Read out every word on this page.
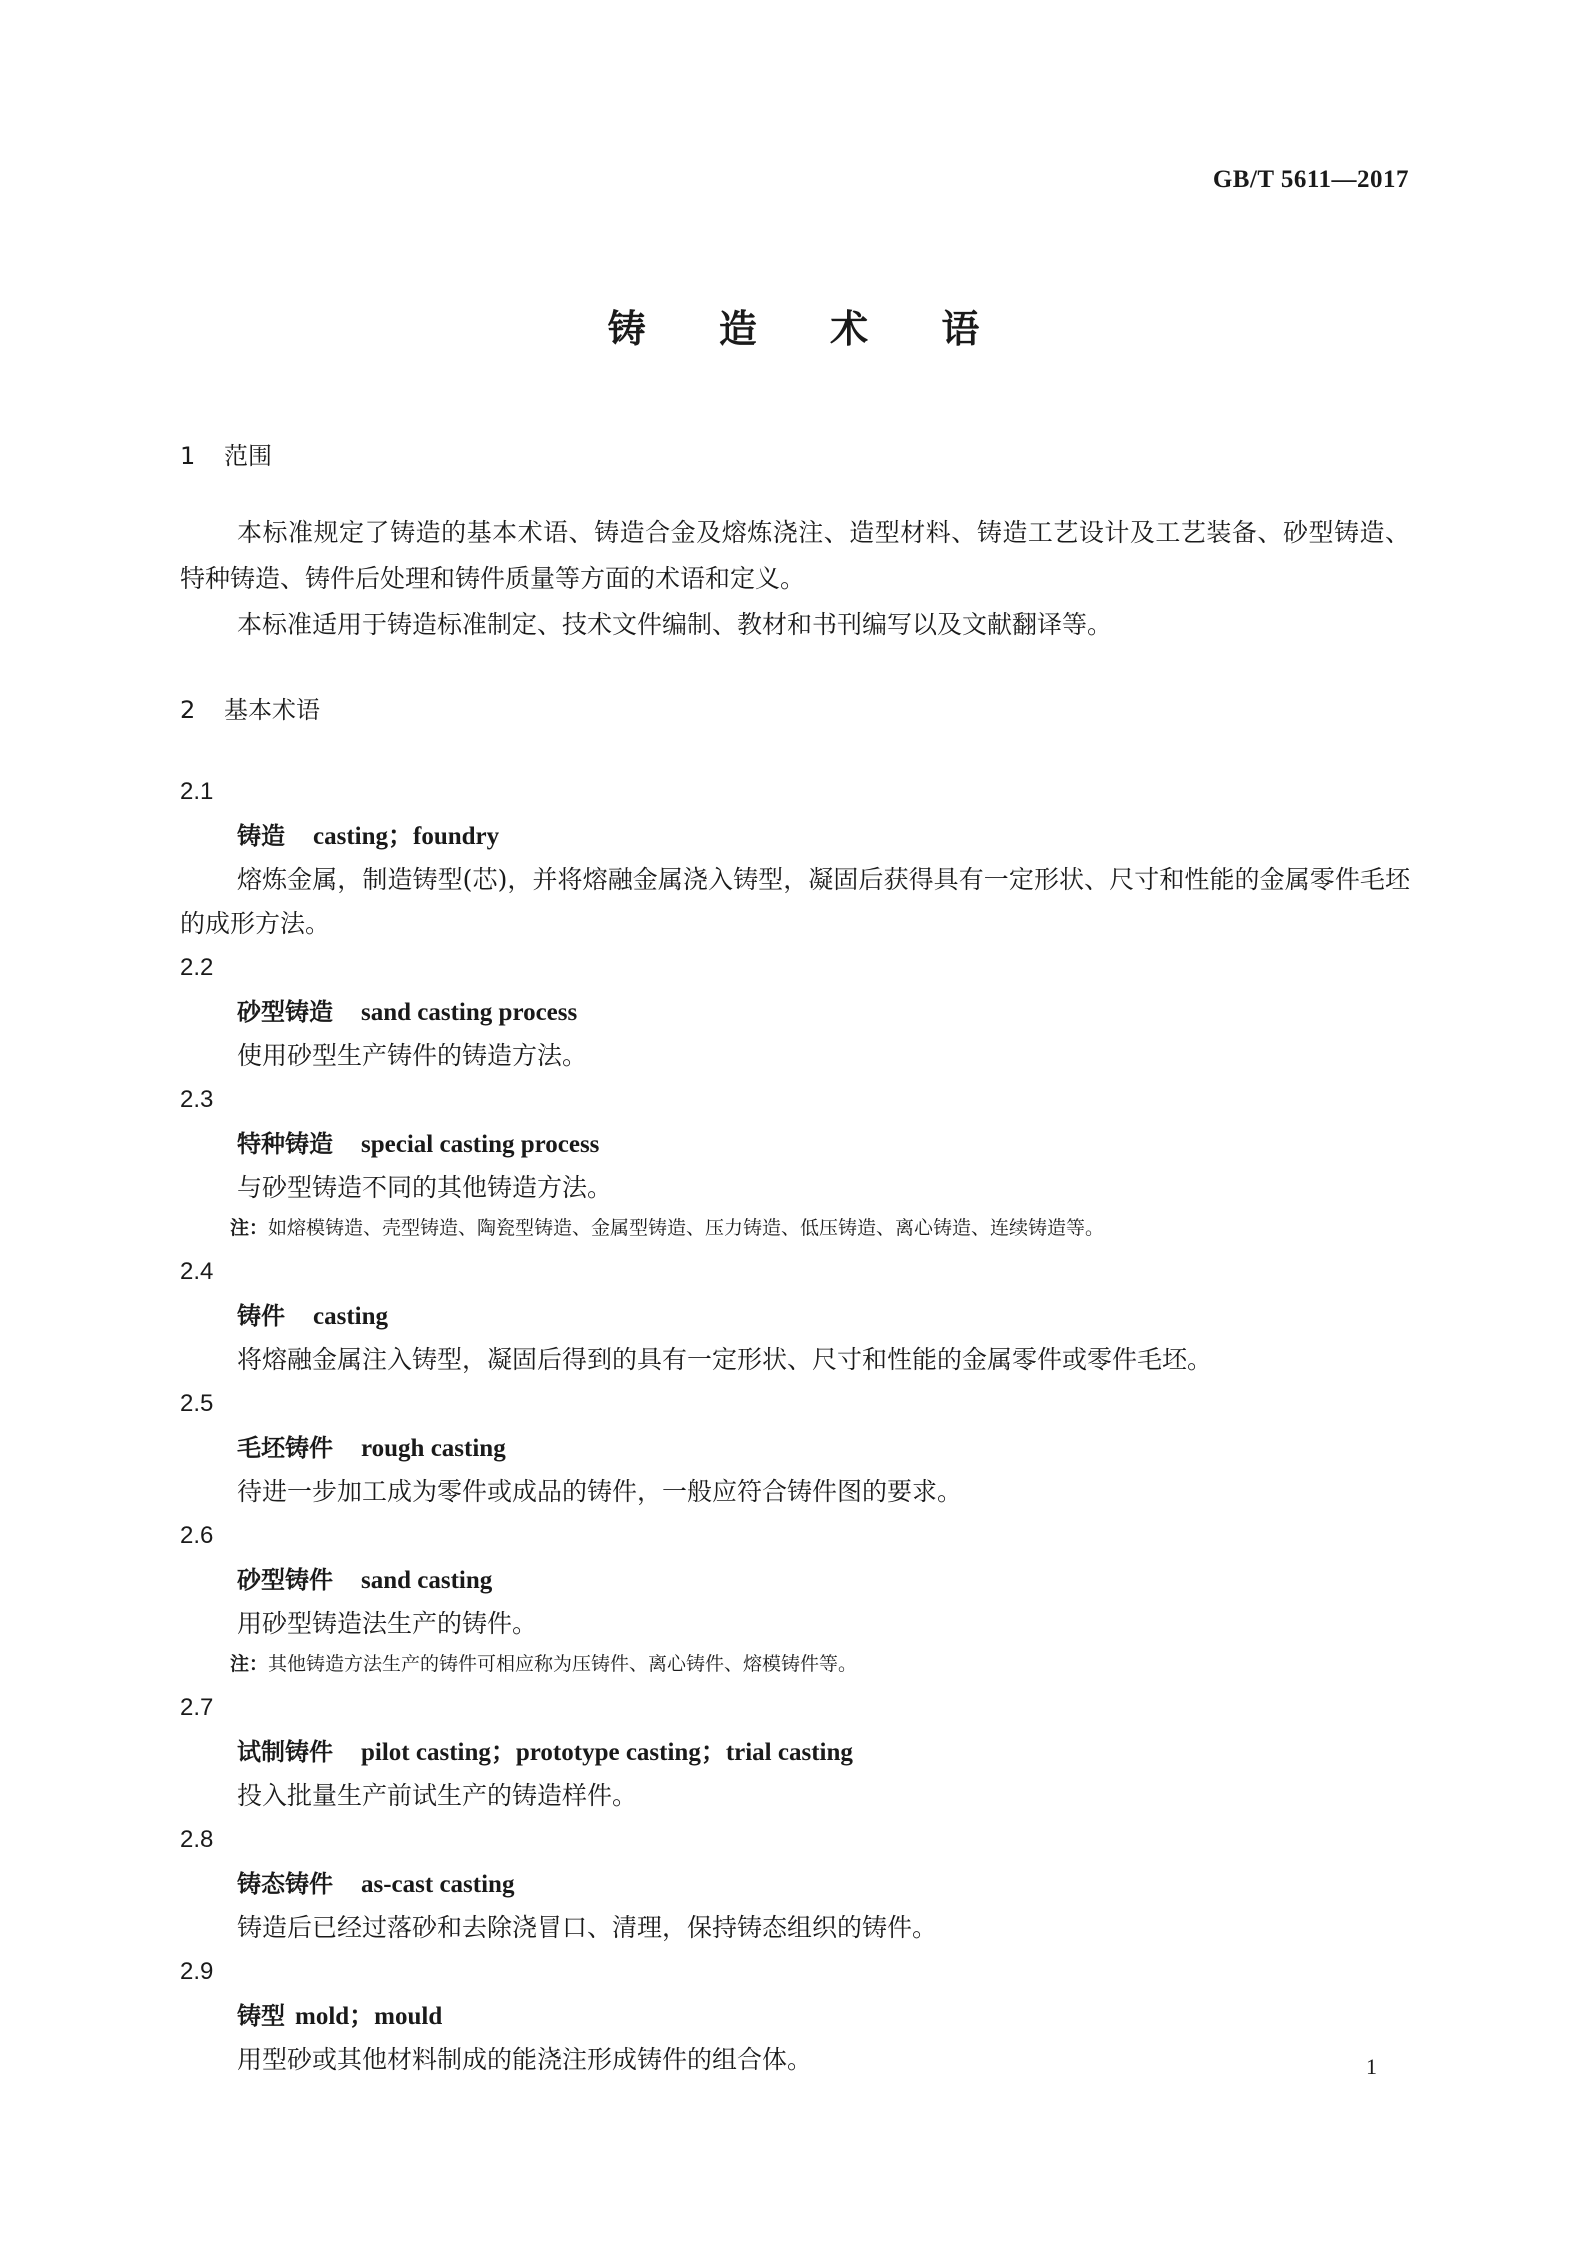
GB/T 5611—2017
铸 造 术 语
1 范围
本标准规定了铸造的基本术语、铸造合金及熔炼浇注、造型材料、铸造工艺设计及工艺装备、砂型铸造、特种铸造、铸件后处理和铸件质量等方面的术语和定义。
本标准适用于铸造标准制定、技术文件编制、教材和书刊编写以及文献翻译等。
2 基本术语
2.1
铸造 casting；foundry
熔炼金属，制造铸型(芯)，并将熔融金属浇入铸型，凝固后获得具有一定形状、尺寸和性能的金属零件毛坯的成形方法。
2.2
砂型铸造 sand casting process
使用砂型生产铸件的铸造方法。
2.3
特种铸造 special casting process
与砂型铸造不同的其他铸造方法。
注：如熔模铸造、壳型铸造、陶瓷型铸造、金属型铸造、压力铸造、低压铸造、离心铸造、连续铸造等。
2.4
铸件 casting
将熔融金属注入铸型，凝固后得到的具有一定形状、尺寸和性能的金属零件或零件毛坯。
2.5
毛坯铸件 rough casting
待进一步加工成为零件或成品的铸件，一般应符合铸件图的要求。
2.6
砂型铸件 sand casting
用砂型铸造法生产的铸件。
注：其他铸造方法生产的铸件可相应称为压铸件、离心铸件、熔模铸件等。
2.7
试制铸件 pilot casting；prototype casting；trial casting
投入批量生产前试生产的铸造样件。
2.8
铸态铸件 as-cast casting
铸造后已经过落砂和去除浇冒口、清理，保持铸态组织的铸件。
2.9
铸型 mold；mould
用型砂或其他材料制成的能浇注形成铸件的组合体。	1
